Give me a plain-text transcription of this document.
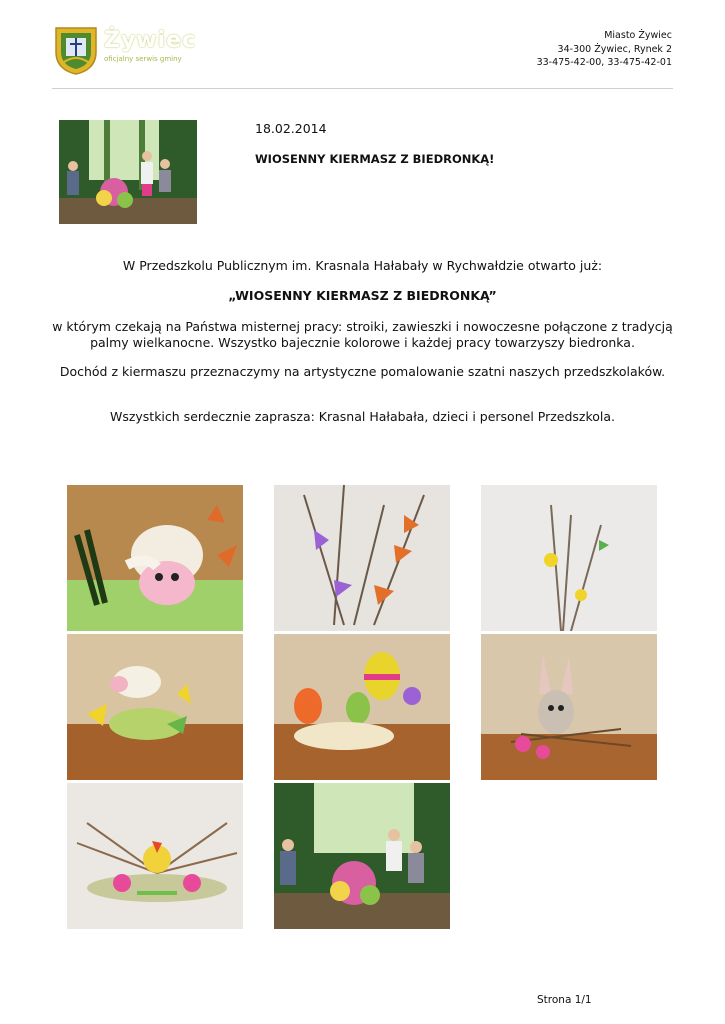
Żywiec
oficjalny serwis gminy
Miasto Żywiec
34-300 Żywiec, Rynek 2
33-475-42-00, 33-475-42-01
18.02.2014
WIOSENNY KIERMASZ Z BIEDRONKĄ!
W Przedszkolu Publicznym im. Krasnala Hałabały w Rychwałdzie otwarto już:
„WIOSENNY KIERMASZ Z BIEDRONKĄ”
w którym czekają na Państwa misternej pracy: stroiki, zawieszki i nowoczesne połączone z tradycją palmy wielkanocne. Wszystko bajecznie kolorowe i każdej pracy towarzyszy biedronka.
Dochód z kiermaszu przeznaczymy na artystyczne pomalowanie szatni naszych przedszkolaków.
Wszystkich serdecznie zaprasza: Krasnal Hałabała, dzieci i personel Przedszkola.
Strona 1/1
